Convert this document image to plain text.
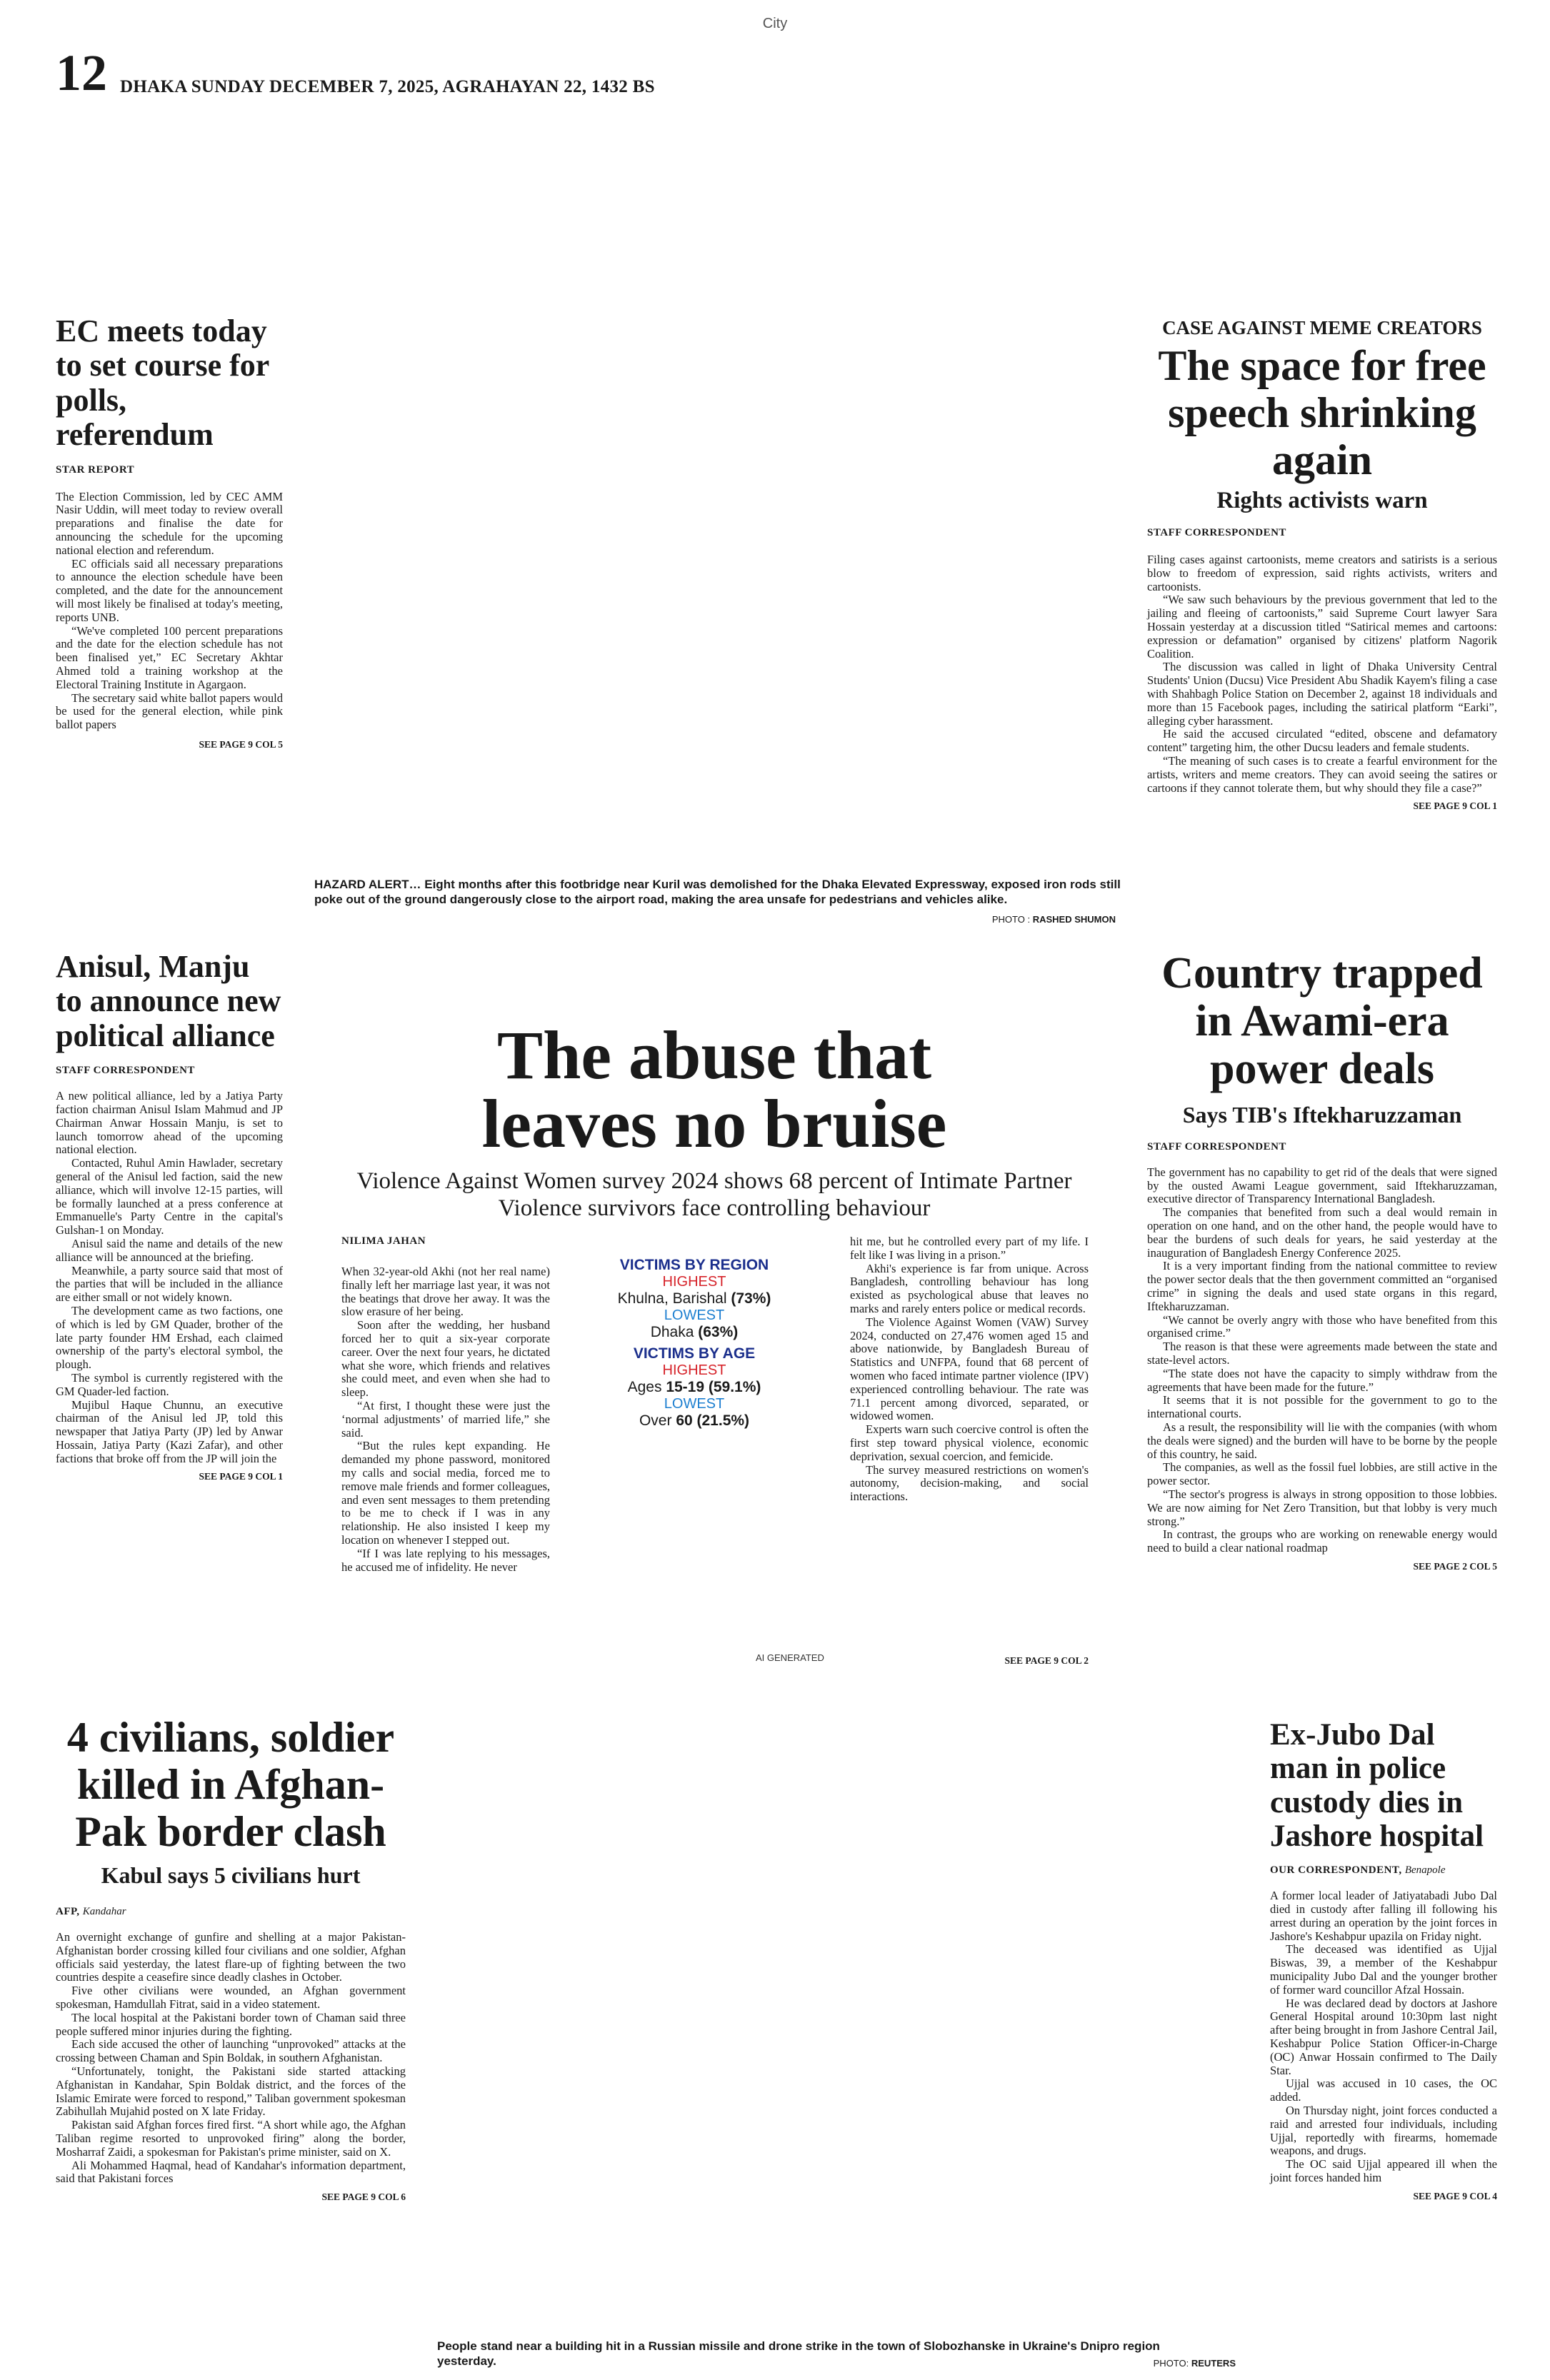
City
12 DHAKA SUNDAY DECEMBER 7, 2025, AGRAHAYAN 22, 1432 BS
EC meets today to set course for polls, referendum
STAR REPORT

The Election Commission, led by CEC AMM Nasir Uddin, will meet today to review overall preparations and finalise the date for announcing the schedule for the upcoming national election and referendum.

EC officials said all necessary preparations to announce the election schedule have been completed, and the date for the announcement will most likely be finalised at today's meeting, reports UNB.

“We've completed 100 percent preparations and the date for the election schedule has not been finalised yet,” EC Secretary Akhtar Ahmed told a training workshop at the Electoral Training Institute in Agargaon.

The secretary said white ballot papers would be used for the general election, while pink ballot papers

SEE PAGE 9 COL 5
HAZARD ALERT… Eight months after this footbridge near Kuril was demolished for the Dhaka Elevated Expressway, exposed iron rods still poke out of the ground dangerously close to the airport road, making the area unsafe for pedestrians and vehicles alike.
PHOTO : RASHED SHUMON
CASE AGAINST MEME CREATORS
The space for free speech shrinking again
Rights activists warn
STAFF CORRESPONDENT

Filing cases against cartoonists, meme creators and satirists is a serious blow to freedom of expression, said rights activists, writers and cartoonists.

“We saw such behaviours by the previous government that led to the jailing and fleeing of cartoonists,” said Supreme Court lawyer Sara Hossain yesterday at a discussion titled “Satirical memes and cartoons: expression or defamation” organised by citizens' platform Nagorik Coalition.

The discussion was called in light of Dhaka University Central Students' Union (Ducsu) Vice President Abu Shadik Kayem's filing a case with Shahbagh Police Station on December 2, against 18 individuals and more than 15 Facebook pages, including the satirical platform “Earki”, alleging cyber harassment.

He said the accused circulated “edited, obscene and defamatory content” targeting him, the other Ducsu leaders and female students.

“The meaning of such cases is to create a fearful environment for the artists, writers and meme creators. They can avoid seeing the satires or cartoons if they cannot tolerate them, but why should they file a case?”

SEE PAGE 9 COL 1
Anisul, Manju to announce new political alliance
STAFF CORRESPONDENT

A new political alliance, led by a Jatiya Party faction chairman Anisul Islam Mahmud and JP Chairman Anwar Hossain Manju, is set to launch tomorrow ahead of the upcoming national election.

Contacted, Ruhul Amin Hawlader, secretary general of the Anisul led faction, said the new alliance, which will involve 12-15 parties, will be formally launched at a press conference at Emmanuelle's Party Centre in the capital's Gulshan-1 on Monday.

Anisul said the name and details of the new alliance will be announced at the briefing.

Meanwhile, a party source said that most of the parties that will be included in the alliance are either small or not widely known.

The development came as two factions, one of which is led by GM Quader, brother of the late party founder HM Ershad, each claimed ownership of the party's electoral symbol, the plough.

The symbol is currently registered with the GM Quader-led faction.

Mujibul Haque Chunnu, an executive chairman of the Anisul led JP, told this newspaper that Jatiya Party (JP) led by Anwar Hossain, Jatiya Party (Kazi Zafar), and other factions that broke off from the JP will join the

SEE PAGE 9 COL 1
The abuse that leaves no bruise
Violence Against Women survey 2024 shows 68 percent of Intimate Partner Violence survivors face controlling behaviour
NILIMA JAHAN

When 32-year-old Akhi (not her real name) finally left her marriage last year, it was not the beatings that drove her away. It was the slow erasure of her being.

Soon after the wedding, her husband forced her to quit a six-year corporate career. Over the next four years, he dictated what she wore, which friends and relatives she could meet, and even when she had to sleep.

“At first, I thought these were just the ‘normal adjustments’ of married life,” she said.

“But the rules kept expanding. He demanded my phone password, monitored my calls and social media, forced me to remove male friends and former colleagues, and even sent messages to them pretending to be me to check if I was in any relationship. He also insisted I keep my location on whenever I stepped out.

“If I was late replying to his messages, he accused me of infidelity. He never

VICTIMS BY REGION
HIGHEST
Khulna, Barishal (73%)
LOWEST
Dhaka (63%)
VICTIMS BY AGE
HIGHEST
Ages 15-19 (59.1%)
LOWEST
Over 60 (21.5%)
AI GENERATED

hit me, but he controlled every part of my life. I felt like I was living in a prison.”

Akhi's experience is far from unique. Across Bangladesh, controlling behaviour has long existed as psychological abuse that leaves no marks and rarely enters police or medical records.

The Violence Against Women (VAW) Survey 2024, conducted on 27,476 women aged 15 and above nationwide, by Bangladesh Bureau of Statistics and UNFPA, found that 68 percent of women who faced intimate partner violence (IPV) experienced controlling behaviour. The rate was 71.1 percent among divorced, separated, or widowed women.

Experts warn such coercive control is often the first step toward physical violence, economic deprivation, sexual coercion, and femicide.

The survey measured restrictions on women's autonomy, decision-making, and social interactions.

SEE PAGE 9 COL 2
Country trapped in Awami-era power deals
Says TIB's Iftekharuzzaman
STAFF CORRESPONDENT

The government has no capability to get rid of the deals that were signed by the ousted Awami League government, said Iftekharuzzaman, executive director of Transparency International Bangladesh.

The companies that benefited from such a deal would remain in operation on one hand, and on the other hand, the people would have to bear the burdens of such deals for years, he said yesterday at the inauguration of Bangladesh Energy Conference 2025.

It is a very important finding from the national committee to review the power sector deals that the then government committed an “organised crime” in signing the deals and used state organs in this regard, Iftekharuzzaman.

“We cannot be overly angry with those who have benefited from this organised crime.”

The reason is that these were agreements made between the state and state-level actors.

“The state does not have the capacity to simply withdraw from the agreements that have been made for the future.”

It seems that it is not possible for the government to go to the international courts.

As a result, the responsibility will lie with the companies (with whom the deals were signed) and the burden will have to be borne by the people of this country, he said.

The companies, as well as the fossil fuel lobbies, are still active in the power sector.

“The sector's progress is always in strong opposition to those lobbies. We are now aiming for Net Zero Transition, but that lobby is very much strong.”

In contrast, the groups who are working on renewable energy would need to build a clear national roadmap

SEE PAGE 2 COL 5
4 civilians, soldier killed in Afghan-Pak border clash
Kabul says 5 civilians hurt
AFP, Kandahar

An overnight exchange of gunfire and shelling at a major Pakistan-Afghanistan border crossing killed four civilians and one soldier, Afghan officials said yesterday, the latest flare-up of fighting between the two countries despite a ceasefire since deadly clashes in October.

Five other civilians were wounded, an Afghan government spokesman, Hamdullah Fitrat, said in a video statement.

The local hospital at the Pakistani border town of Chaman said three people suffered minor injuries during the fighting.

Each side accused the other of launching “unprovoked” attacks at the crossing between Chaman and Spin Boldak, in southern Afghanistan.

“Unfortunately, tonight, the Pakistani side started attacking Afghanistan in Kandahar, Spin Boldak district, and the forces of the Islamic Emirate were forced to respond,” Taliban government spokesman Zabihullah Mujahid posted on X late Friday.

Pakistan said Afghan forces fired first. “A short while ago, the Afghan Taliban regime resorted to unprovoked firing” along the border, Mosharraf Zaidi, a spokesman for Pakistan's prime minister, said on X.

Ali Mohammed Haqmal, head of Kandahar's information department, said that Pakistani forces

SEE PAGE 9 COL 6
People stand near a building hit in a Russian missile and drone strike in the town of Slobozhanske in Ukraine's Dnipro region yesterday.	PHOTO: REUTERS
Ex-Jubo Dal man in police custody dies in Jashore hospital
OUR CORRESPONDENT, Benapole

A former local leader of Jatiyatabadi Jubo Dal died in custody after falling ill following his arrest during an operation by the joint forces in Jashore's Keshabpur upazila on Friday night.

The deceased was identified as Ujjal Biswas, 39, a member of the Keshabpur municipality Jubo Dal and the younger brother of former ward councillor Afzal Hossain.

He was declared dead by doctors at Jashore General Hospital around 10:30pm last night after being brought in from Jashore Central Jail, Keshabpur Police Station Officer-in-Charge (OC) Anwar Hossain confirmed to The Daily Star.

Ujjal was accused in 10 cases, the OC added.

On Thursday night, joint forces conducted a raid and arrested four individuals, including Ujjal, reportedly with firearms, homemade weapons, and drugs.

The OC said Ujjal appeared ill when the joint forces handed him

SEE PAGE 9 COL 4
